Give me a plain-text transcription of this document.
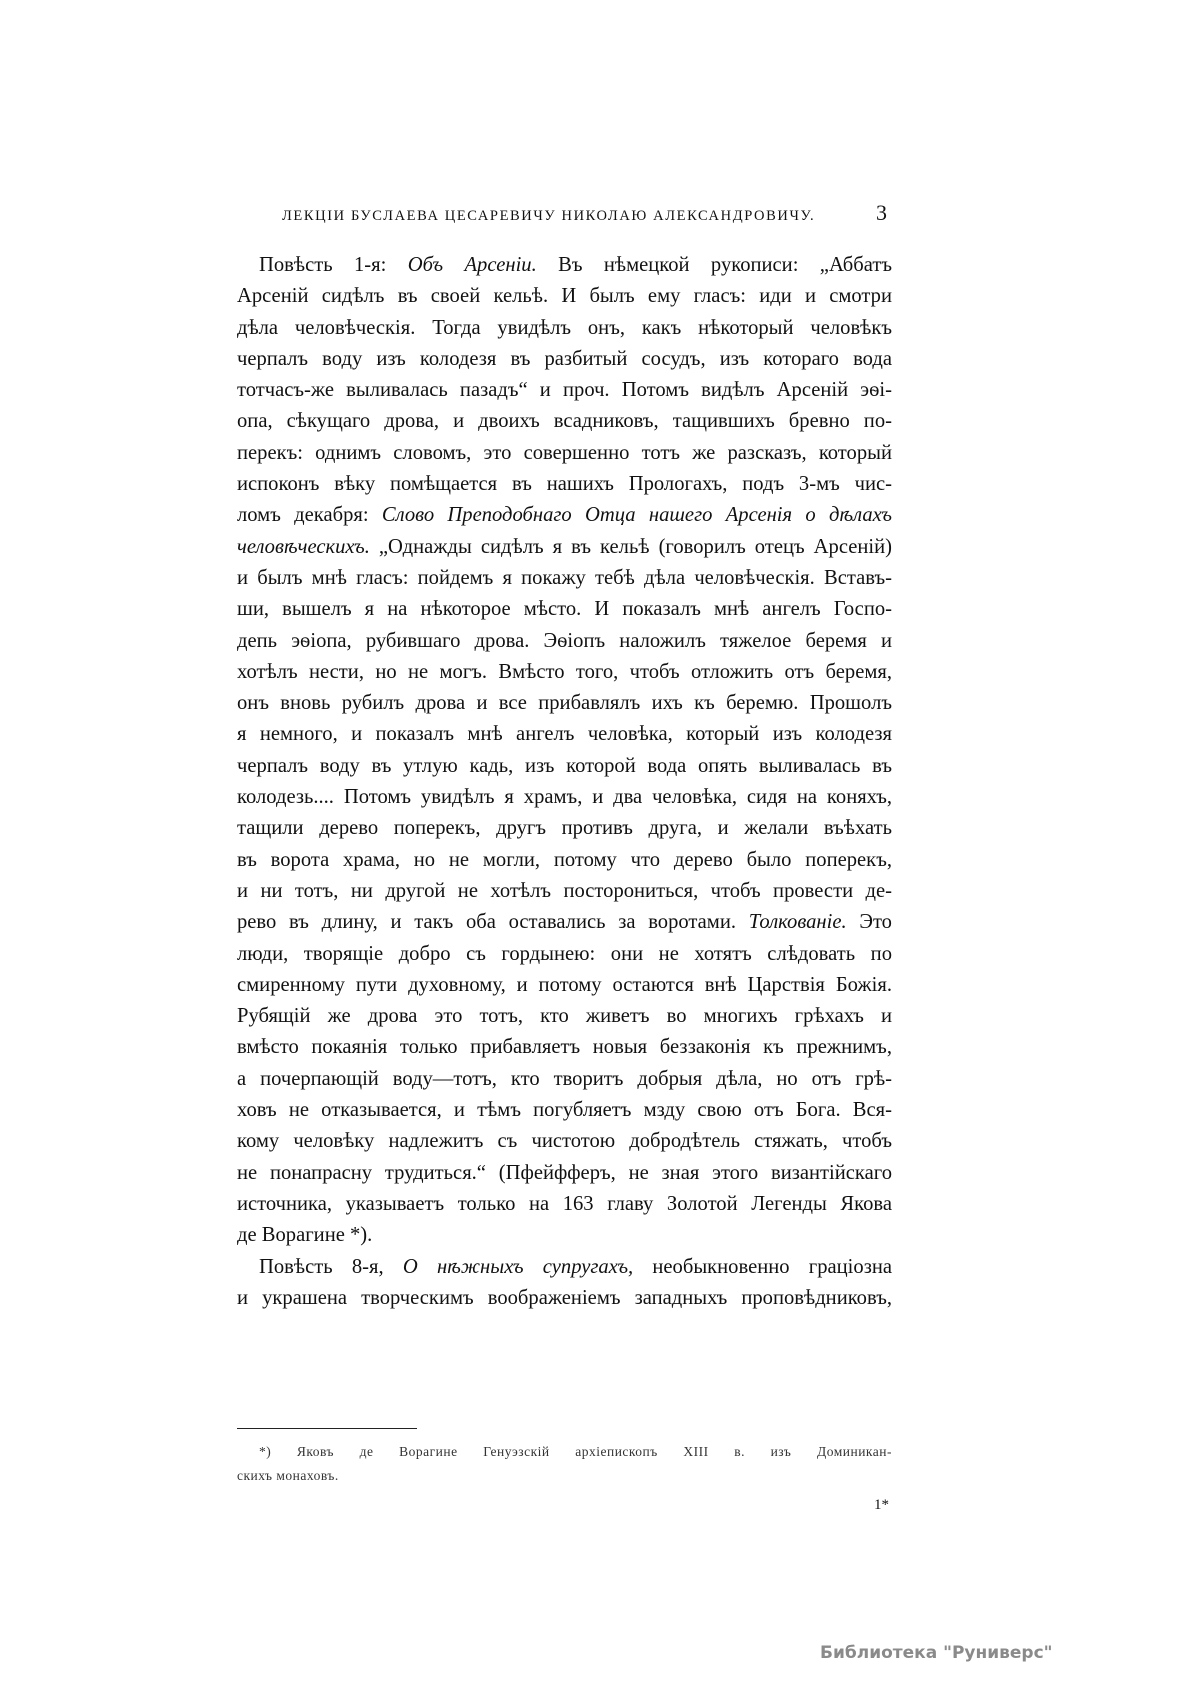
ЛЕКЦІИ БУСЛАЕВА ЦЕСАРЕВИЧУ НИКОЛАЮ АЛЕКСАНДРОВИЧУ.	3
Повѣсть 1-я: Объ Арсеніи. Въ нѣмецкой рукописи: „Аббатъ
Арсеній сидѣлъ въ своей кельѣ. И былъ ему гласъ: иди и смотри
дѣла человѣческія. Тогда увидѣлъ онъ, какъ нѣкоторый человѣкъ
черпалъ воду изъ колодезя въ разбитый сосудъ, изъ котораго вода
тотчасъ-же выливалась пазадъ“ и проч. Потомъ видѣлъ Арсеній эѳі-
опа, сѣкущаго дрова, и двоихъ всадниковъ, тащившихъ бревно по-
перекъ: однимъ словомъ, это совершенно тотъ же разсказъ, который
испоконъ вѣку помѣщается въ нашихъ Прологахъ, подъ 3-мъ чис-
ломъ декабря: Слово Преподобнаго Отца нашего Арсенія о дѣлахъ
человѣческихъ. „Однажды сидѣлъ я въ кельѣ (говорилъ отецъ Арсеній)
и былъ мнѣ гласъ: пойдемъ я покажу тебѣ дѣла человѣческія. Вставъ-
ши, вышелъ я на нѣкоторое мѣсто. И показалъ мнѣ ангелъ Госпо-
депь эѳіопа, рубившаго дрова. Эѳіопъ наложилъ тяжелое беремя и
хотѣлъ нести, но не могъ. Вмѣсто того, чтобъ отложить отъ беремя,
онъ вновь рубилъ дрова и все прибавлялъ ихъ къ беремю. Прошолъ
я немного, и показалъ мнѣ ангелъ человѣка, который изъ колодезя
черпалъ воду въ утлую кадь, изъ которой вода опять выливалась въ
колодезь.... Потомъ увидѣлъ я храмъ, и два человѣка, сидя на коняхъ,
тащили дерево поперекъ, другъ противъ друга, и желали въѣхать
въ ворота храма, но не могли, потому что дерево было поперекъ,
и ни тотъ, ни другой не хотѣлъ посторониться, чтобъ провести де-
рево въ длину, и такъ оба оставались за воротами. Толкованіе. Это
люди, творящіе добро съ гордынею: они не хотятъ слѣдовать по
смиренному пути духовному, и потому остаются внѣ Царствія Божія.
Рубящій же дрова это тотъ, кто живетъ во многихъ грѣхахъ и
вмѣсто покаянія только прибавляетъ новыя беззаконія къ прежнимъ,
а почерпающій воду—тотъ, кто творитъ добрыя дѣла, но отъ грѣ-
ховъ не отказывается, и тѣмъ погубляетъ мзду свою отъ Бога. Вся-
кому человѣку надлежитъ съ чистотою добродѣтель стяжать, чтобъ
не понапрасну трудиться.“ (Пфейфферъ, не зная этого византійскаго
источника, указываетъ только на 163 главу Золотой Легенды Якова
де Ворагине *).
Повѣсть 8-я, О нѣжныхъ супругахъ, необыкновенно граціозна
и украшена творческимъ воображеніемъ западныхъ проповѣдниковъ,
*) Яковъ де Ворагине Генуэзскій архіепископъ XIII в. изъ Доминикан-
скихъ монаховъ.
1*
Библиотека "Руниверс"
